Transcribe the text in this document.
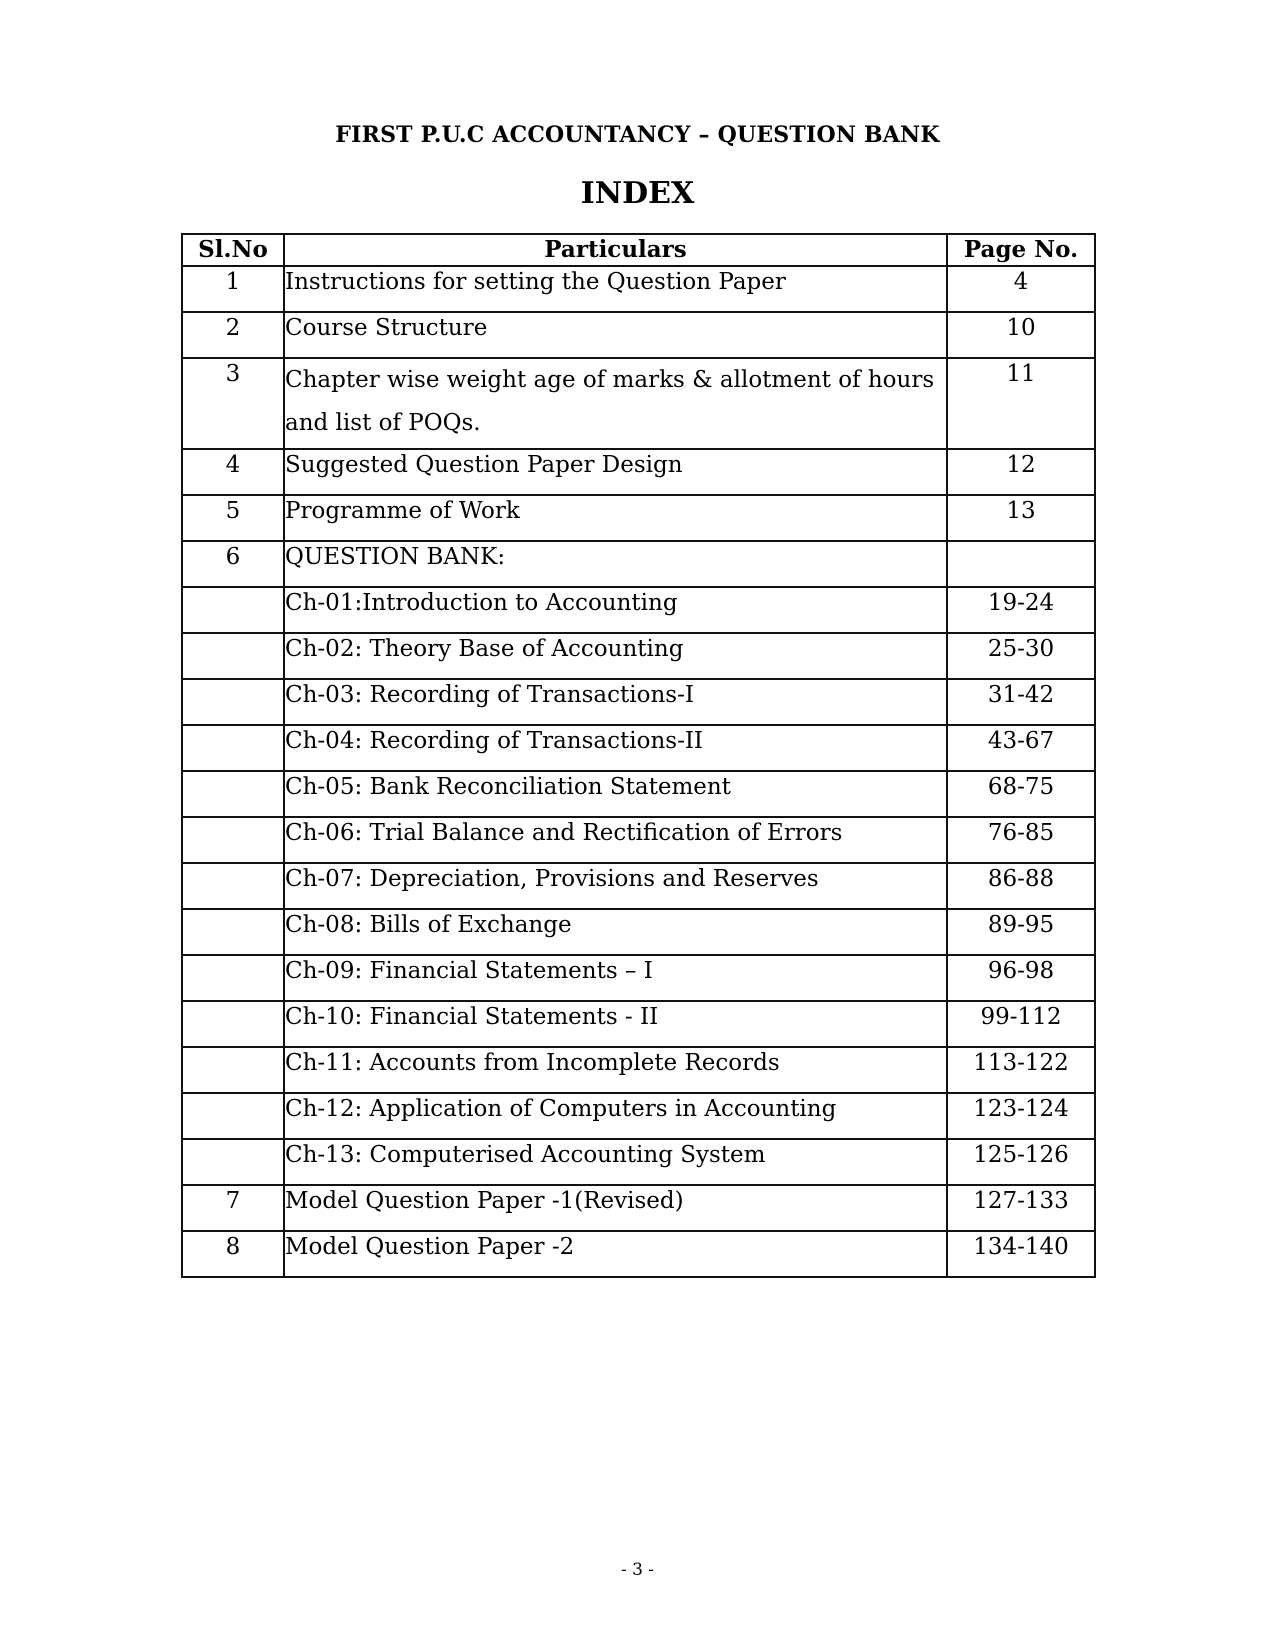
FIRST P.U.C ACCOUNTANCY – QUESTION BANK
INDEX
Sl.No	Particulars	Page No.
1	Instructions for setting the Question Paper	4
2	Course Structure	10
3	Chapter wise weight age of marks & allotment of hours and list of POQs.	11
4	Suggested Question Paper Design	12
5	Programme of Work	13
6	QUESTION BANK:	
	Ch-01:Introduction to Accounting	19-24
	Ch-02: Theory Base of Accounting	25-30
	Ch-03: Recording of Transactions-I	31-42
	Ch-04: Recording of Transactions-II	43-67
	Ch-05: Bank Reconciliation Statement	68-75
	Ch-06: Trial Balance and Rectification of Errors	76-85
	Ch-07: Depreciation, Provisions and Reserves	86-88
	Ch-08: Bills of Exchange	89-95
	Ch-09: Financial Statements – I	96-98
	Ch-10: Financial Statements - II	99-112
	Ch-11: Accounts from Incomplete Records	113-122
	Ch-12: Application of Computers in Accounting	123-124
	Ch-13: Computerised Accounting System	125-126
7	Model Question Paper -1(Revised)	127-133
8	Model Question Paper -2	134-140
- 3 -
